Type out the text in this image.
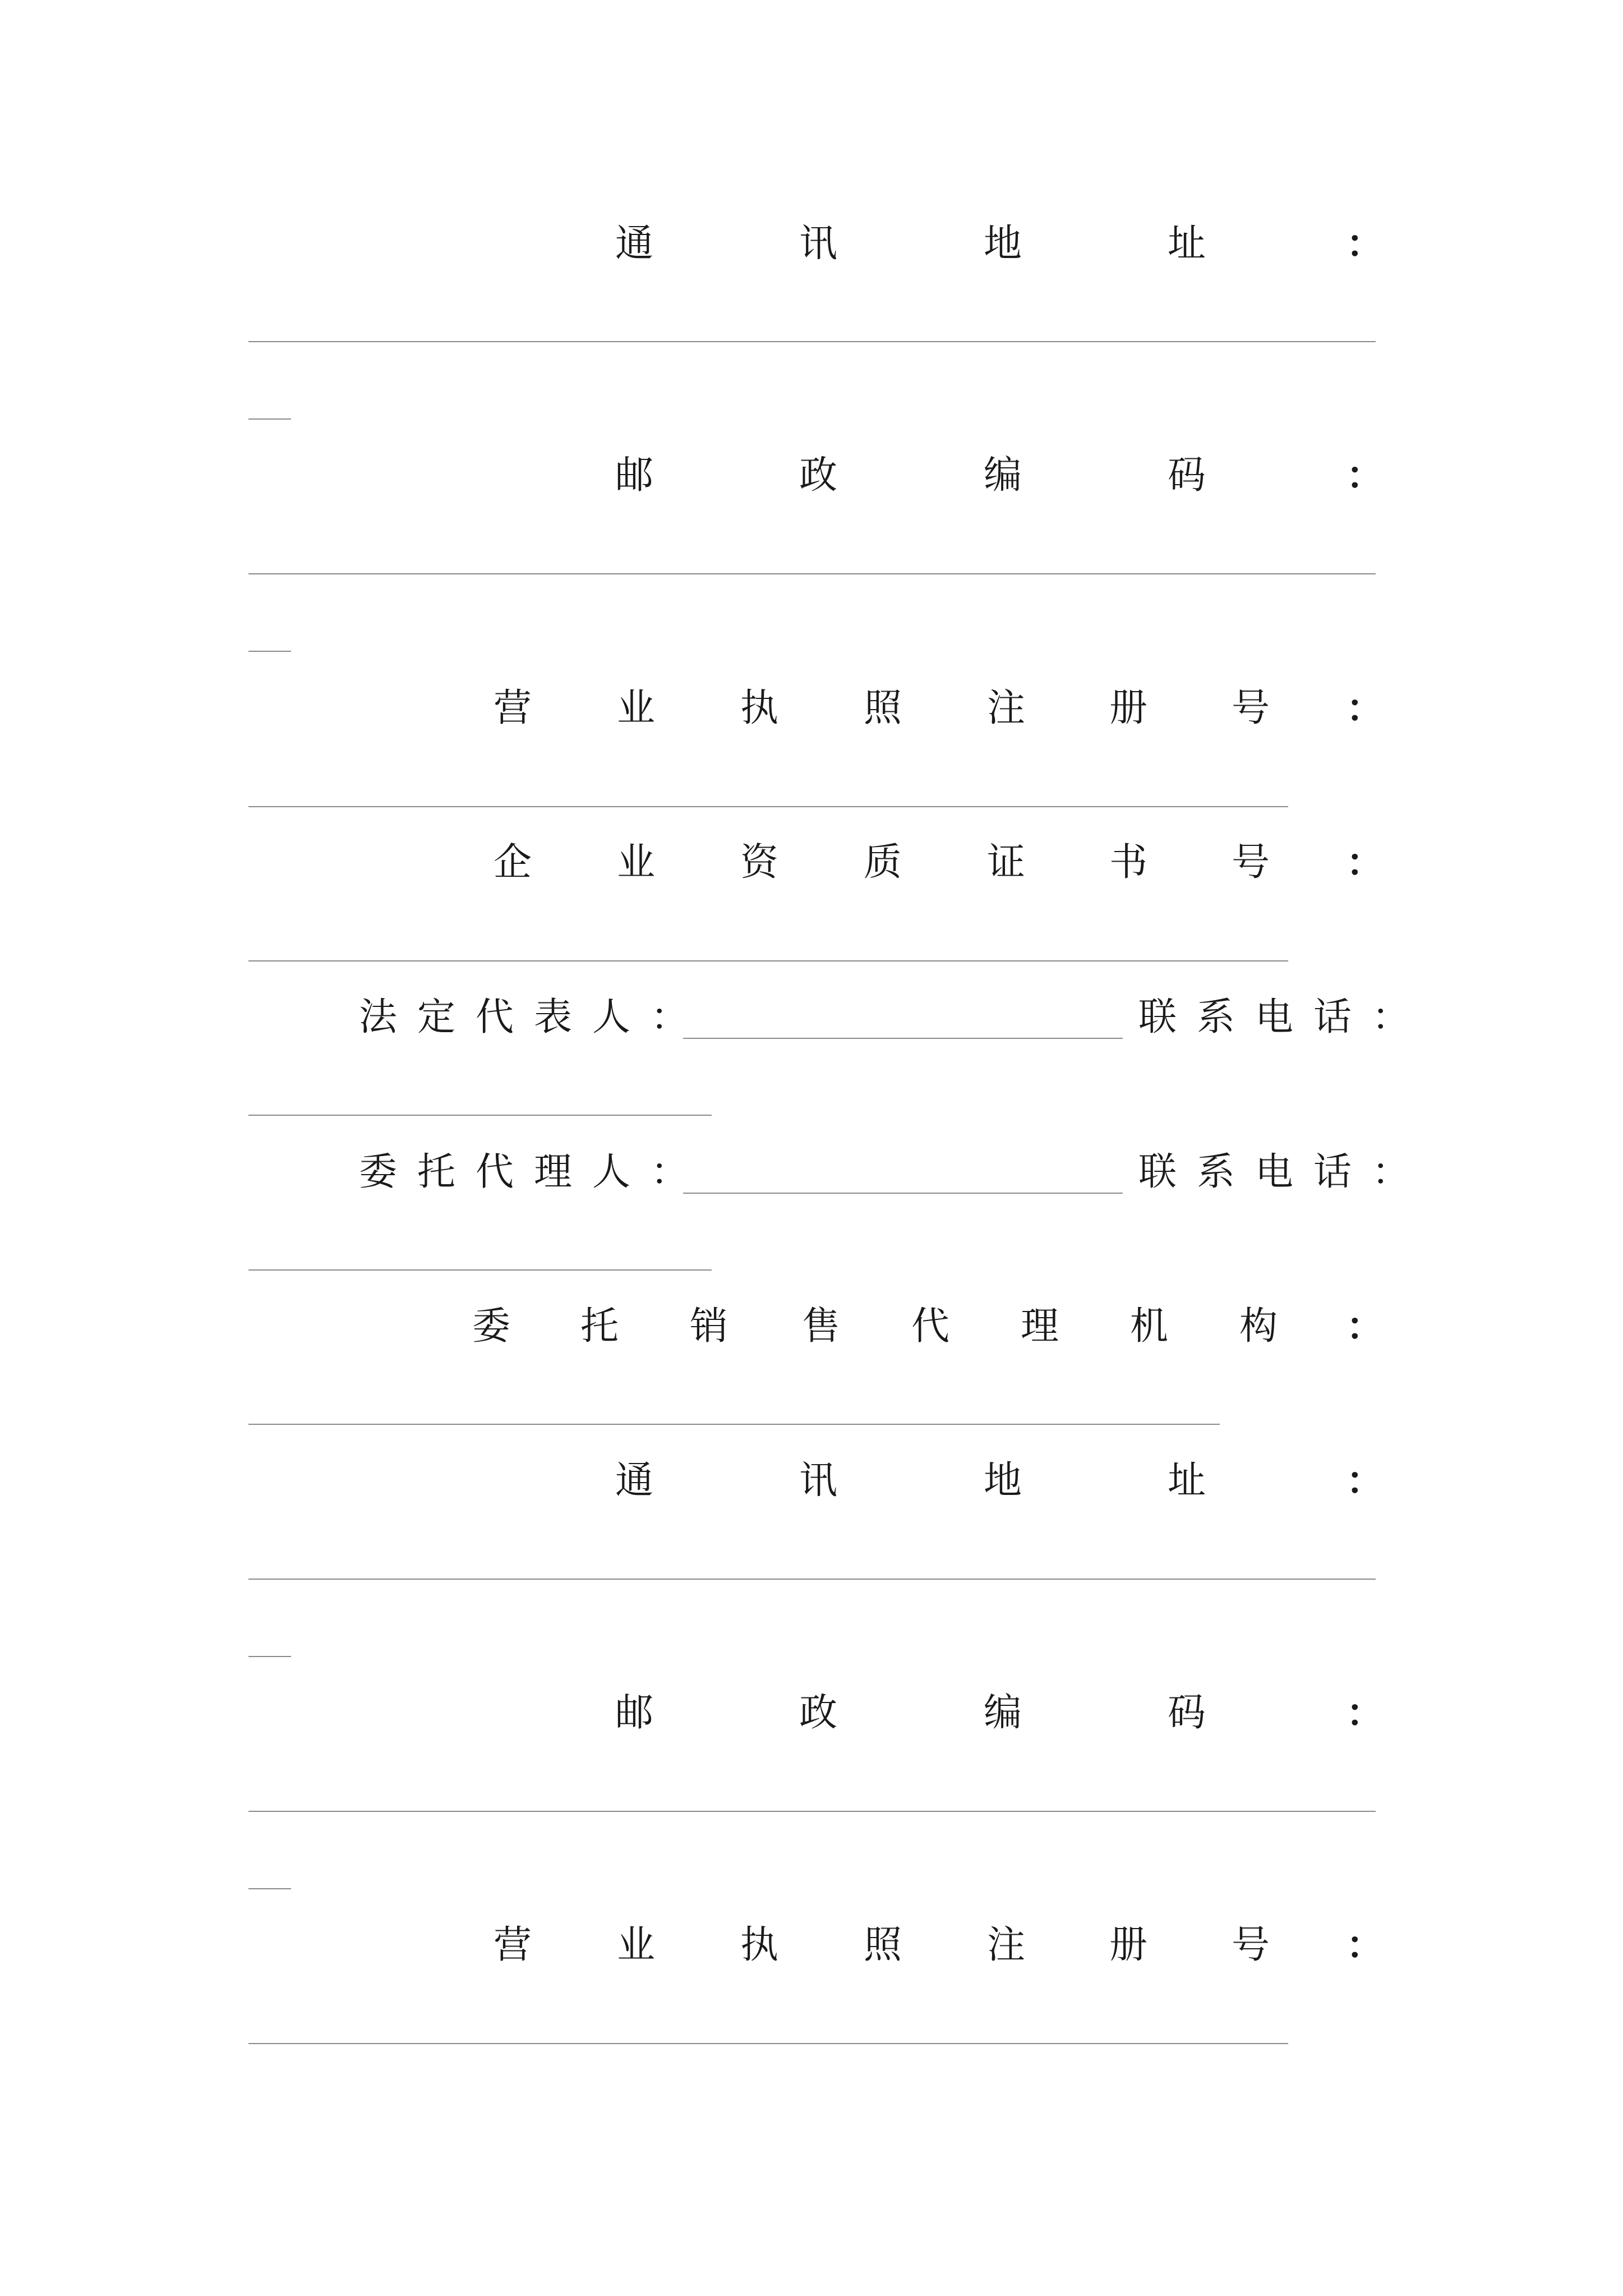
通	讯	地	址	：
邮	政	编	码	：
营 业 执 照 注 册 号 ：
企 业 资 质 证 书 号 ：
法定代表人：	联系电话：
委托代理人：	联系电话：
委 托 销 售 代 理 机 构 ：
通	讯	地	址	：
邮	政	编	码	：
营 业 执 照 注 册 号 ：
